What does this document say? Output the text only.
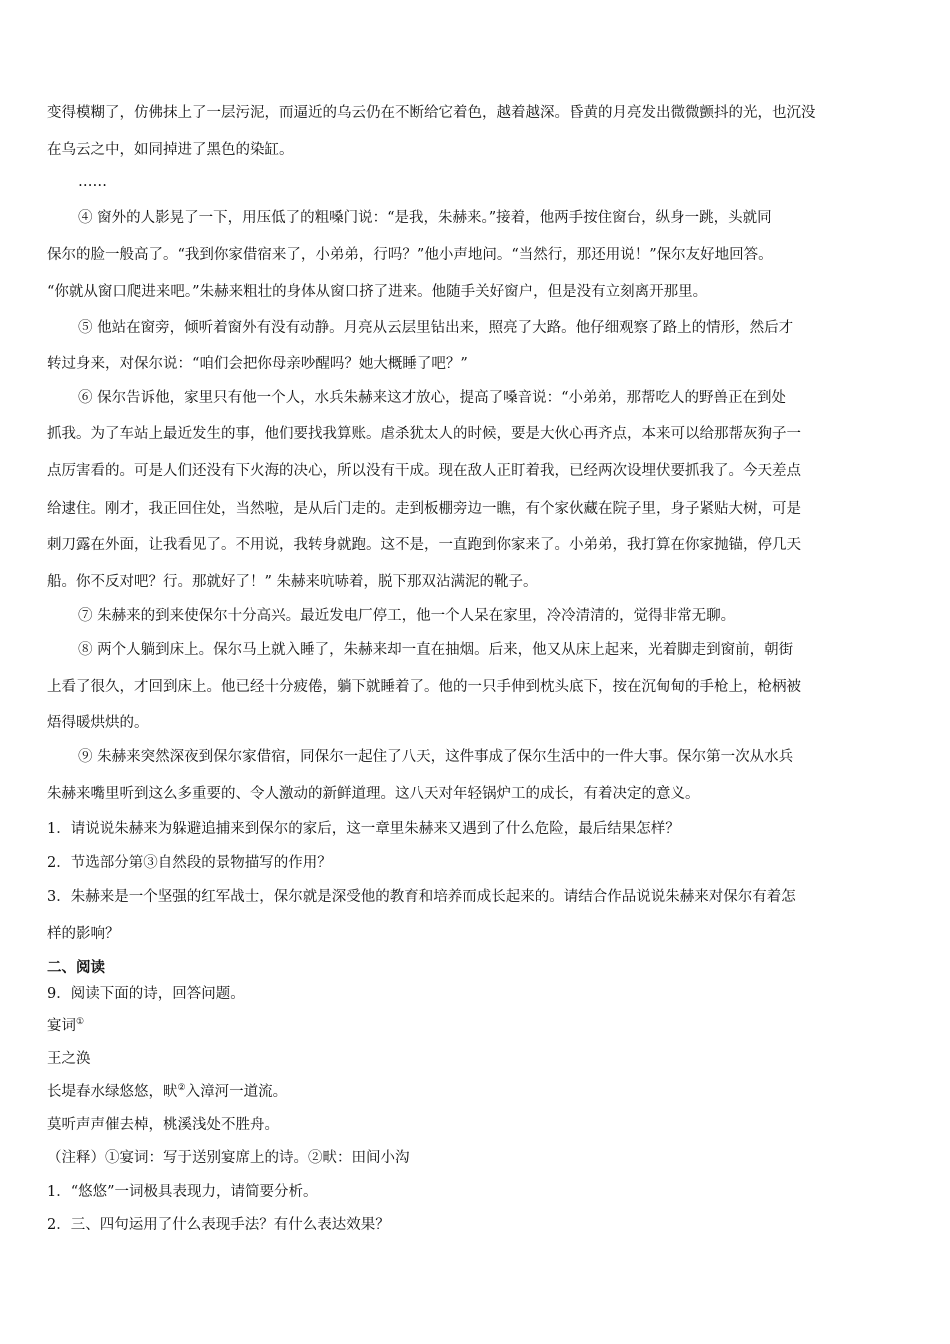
变得模糊了，仿佛抹上了一层污泥，而逼近的乌云仍在不断给它着色，越着越深。昏黄的月亮发出微微颤抖的光，也沉没
在乌云之中，如同掉进了黑色的染缸。
……
④ 窗外的人影晃了一下，用压低了的粗嗓门说：“是我，朱赫来。”接着，他两手按住窗台，纵身一跳，头就同
保尔的脸一般高了。“我到你家借宿来了，小弟弟，行吗？”他小声地问。“当然行，那还用说！”保尔友好地回答。
“你就从窗口爬进来吧。”朱赫来粗壮的身体从窗口挤了进来。他随手关好窗户，但是没有立刻离开那里。
⑤ 他站在窗旁，倾听着窗外有没有动静。月亮从云层里钻出来，照亮了大路。他仔细观察了路上的情形，然后才
转过身来，对保尔说：“咱们会把你母亲吵醒吗？她大概睡了吧？”
⑥ 保尔告诉他，家里只有他一个人，水兵朱赫来这才放心，提高了嗓音说：“小弟弟，那帮吃人的野兽正在到处
抓我。为了车站上最近发生的事，他们要找我算账。虐杀犹太人的时候，要是大伙心再齐点，本来可以给那帮灰狗子一
点厉害看的。可是人们还没有下火海的决心，所以没有干成。现在敌人正盯着我，已经两次设埋伏要抓我了。今天差点
给逮住。刚才，我正回住处，当然啦，是从后门走的。走到板棚旁边一瞧，有个家伙藏在院子里，身子紧贴大树，可是
刺刀露在外面，让我看见了。不用说，我转身就跑。这不是，一直跑到你家来了。小弟弟，我打算在你家抛锚，停几天
船。你不反对吧？行。那就好了！” 朱赫来吭哧着，脱下那双沾满泥的靴子。
⑦ 朱赫来的到来使保尔十分高兴。最近发电厂停工，他一个人呆在家里，冷冷清清的，觉得非常无聊。
⑧ 两个人躺到床上。保尔马上就入睡了，朱赫来却一直在抽烟。后来，他又从床上起来，光着脚走到窗前，朝街
上看了很久，才回到床上。他已经十分疲倦，躺下就睡着了。他的一只手伸到枕头底下，按在沉甸甸的手枪上，枪柄被
焐得暖烘烘的。
⑨ 朱赫来突然深夜到保尔家借宿，同保尔一起住了八天，这件事成了保尔生活中的一件大事。保尔第一次从水兵
朱赫来嘴里听到这么多重要的、令人激动的新鲜道理。这八天对年轻锅炉工的成长，有着决定的意义。
1．请说说朱赫来为躲避追捕来到保尔的家后，这一章里朱赫来又遇到了什么危险，最后结果怎样？
2．节选部分第③自然段的景物描写的作用？
3．朱赫来是一个坚强的红军战士，保尔就是深受他的教育和培养而成长起来的。请结合作品说说朱赫来对保尔有着怎
样的影响？
二、阅读
9．阅读下面的诗，回答问题。
宴词①
王之涣
长堤春水绿悠悠，畎②入漳河一道流。
莫听声声催去棹，桃溪浅处不胜舟。
（注释）①宴词：写于送别宴席上的诗。②畎：田间小沟
1．“悠悠”一词极具表现力，请简要分析。
2．三、四句运用了什么表现手法？有什么表达效果？
